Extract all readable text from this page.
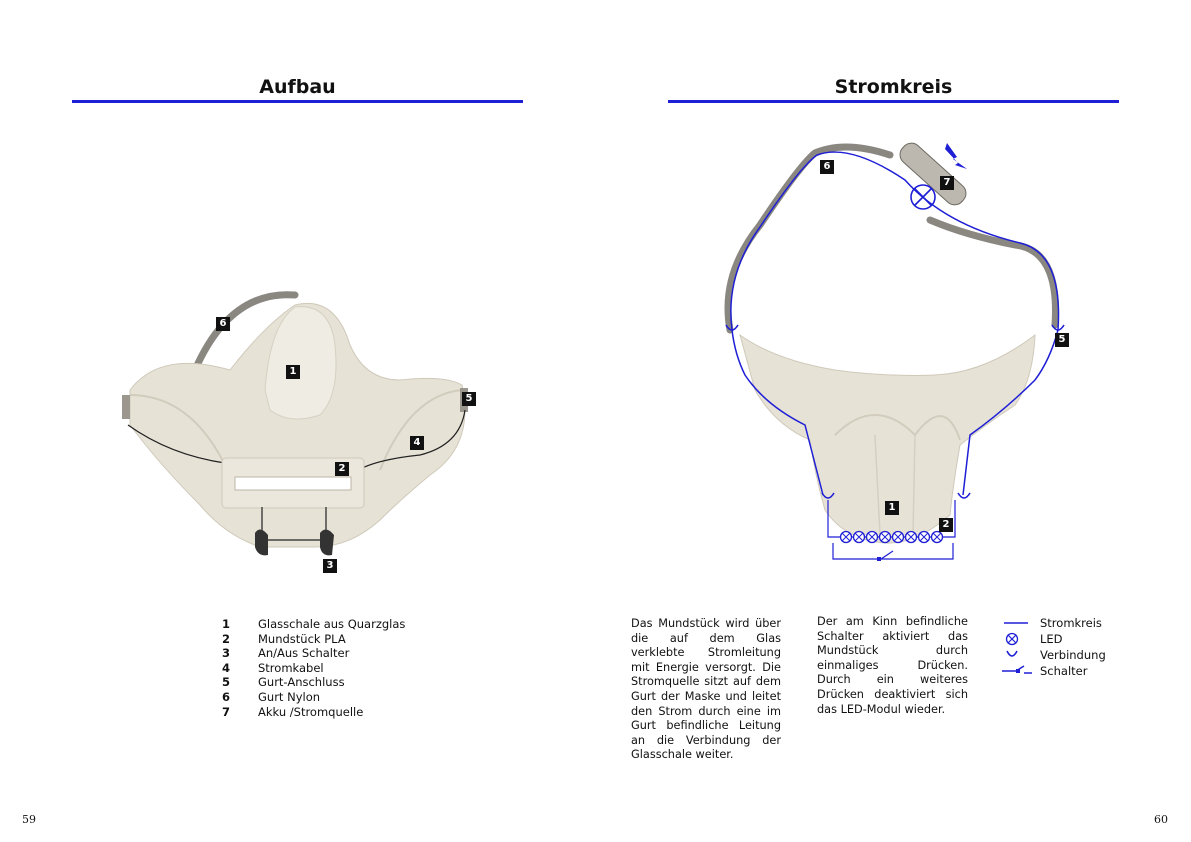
Aufbau
6
1
5
4
2
3
1	Glasschale aus Quarzglas
2	Mundstück PLA
3	An/Aus Schalter
4	Stromkabel
5	Gurt-Anschluss
6	Gurt Nylon
7	Akku /Stromquelle
59
Stromkreis
6
7
5
1
2
Das Mundstück wird über die auf dem Glas verklebte Stromleitung mit Energie versorgt. Die Stromquelle sitzt auf dem Gurt der Maske und leitet den Strom durch eine im Gurt befindliche Leitung an die Verbindung der Glasschale weiter.
Der am Kinn befindliche Schalter aktiviert das Mundstück durch einmaliges Drücken. Durch ein weiteres Drücken deaktiviert sich das LED-Modul wieder.
Stromkreis
LED
Verbindung
Schalter
60
